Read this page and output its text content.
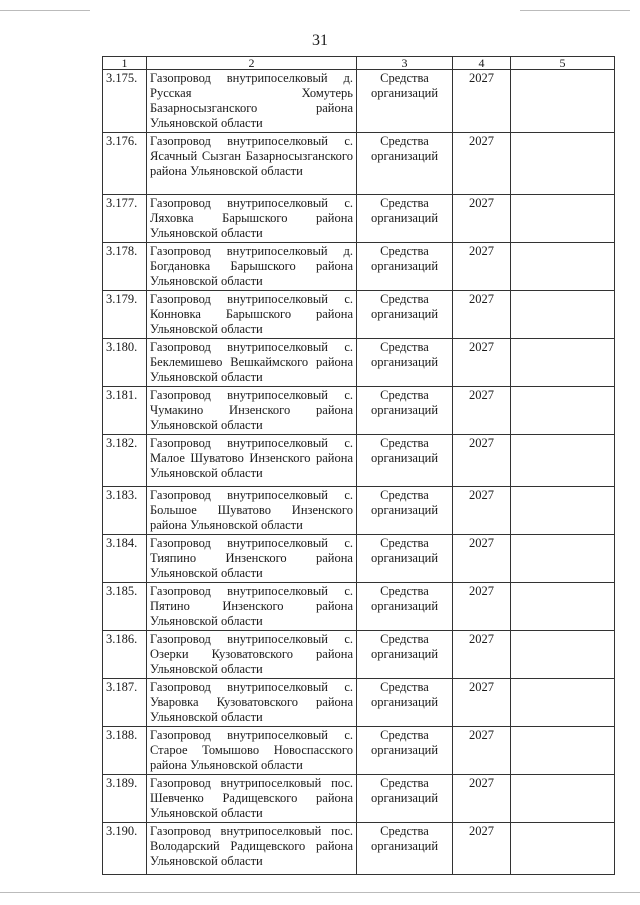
31
1	2	3	4	5
3.175.	Газопровод внутрипоселковый д. Русская Хомутерь Базарносызганского района Ульяновской области	Средства организаций	2027	
3.176.	Газопровод внутрипоселковый с. Ясачный Сызган Базарносызганского района Ульяновской области	Средства организаций	2027	
3.177.	Газопровод внутрипоселковый с. Ляховка Барышского района Ульяновской области	Средства организаций	2027	
3.178.	Газопровод внутрипоселковый д. Богдановка Барышского района Ульяновской области	Средства организаций	2027	
3.179.	Газопровод внутрипоселковый с. Конновка Барышского района Ульяновской области	Средства организаций	2027	
3.180.	Газопровод внутрипоселковый с. Беклемишево Вешкаймского района Ульяновской области	Средства организаций	2027	
3.181.	Газопровод внутрипоселковый с. Чумакино Инзенского района Ульяновской области	Средства организаций	2027	
3.182.	Газопровод внутрипоселковый с. Малое Шуватово Инзенского района Ульяновской области	Средства организаций	2027	
3.183.	Газопровод внутрипоселковый с. Большое Шуватово Инзенского района Ульяновской области	Средства организаций	2027	
3.184.	Газопровод внутрипоселковый с. Тияпино Инзенского района Ульяновской области	Средства организаций	2027	
3.185.	Газопровод внутрипоселковый с. Пятино Инзенского района Ульяновской области	Средства организаций	2027	
3.186.	Газопровод внутрипоселковый с. Озерки Кузоватовского района Ульяновской области	Средства организаций	2027	
3.187.	Газопровод внутрипоселковый с. Уваровка Кузоватовского района Ульяновской области	Средства организаций	2027	
3.188.	Газопровод внутрипоселковый с. Старое Томышово Новоспасского района Ульяновской области	Средства организаций	2027	
3.189.	Газопровод внутрипоселковый пос. Шевченко Радищевского района Ульяновской области	Средства организаций	2027	
3.190.	Газопровод внутрипоселковый пос. Володарский Радищевского района Ульяновской области	Средства организаций	2027	
